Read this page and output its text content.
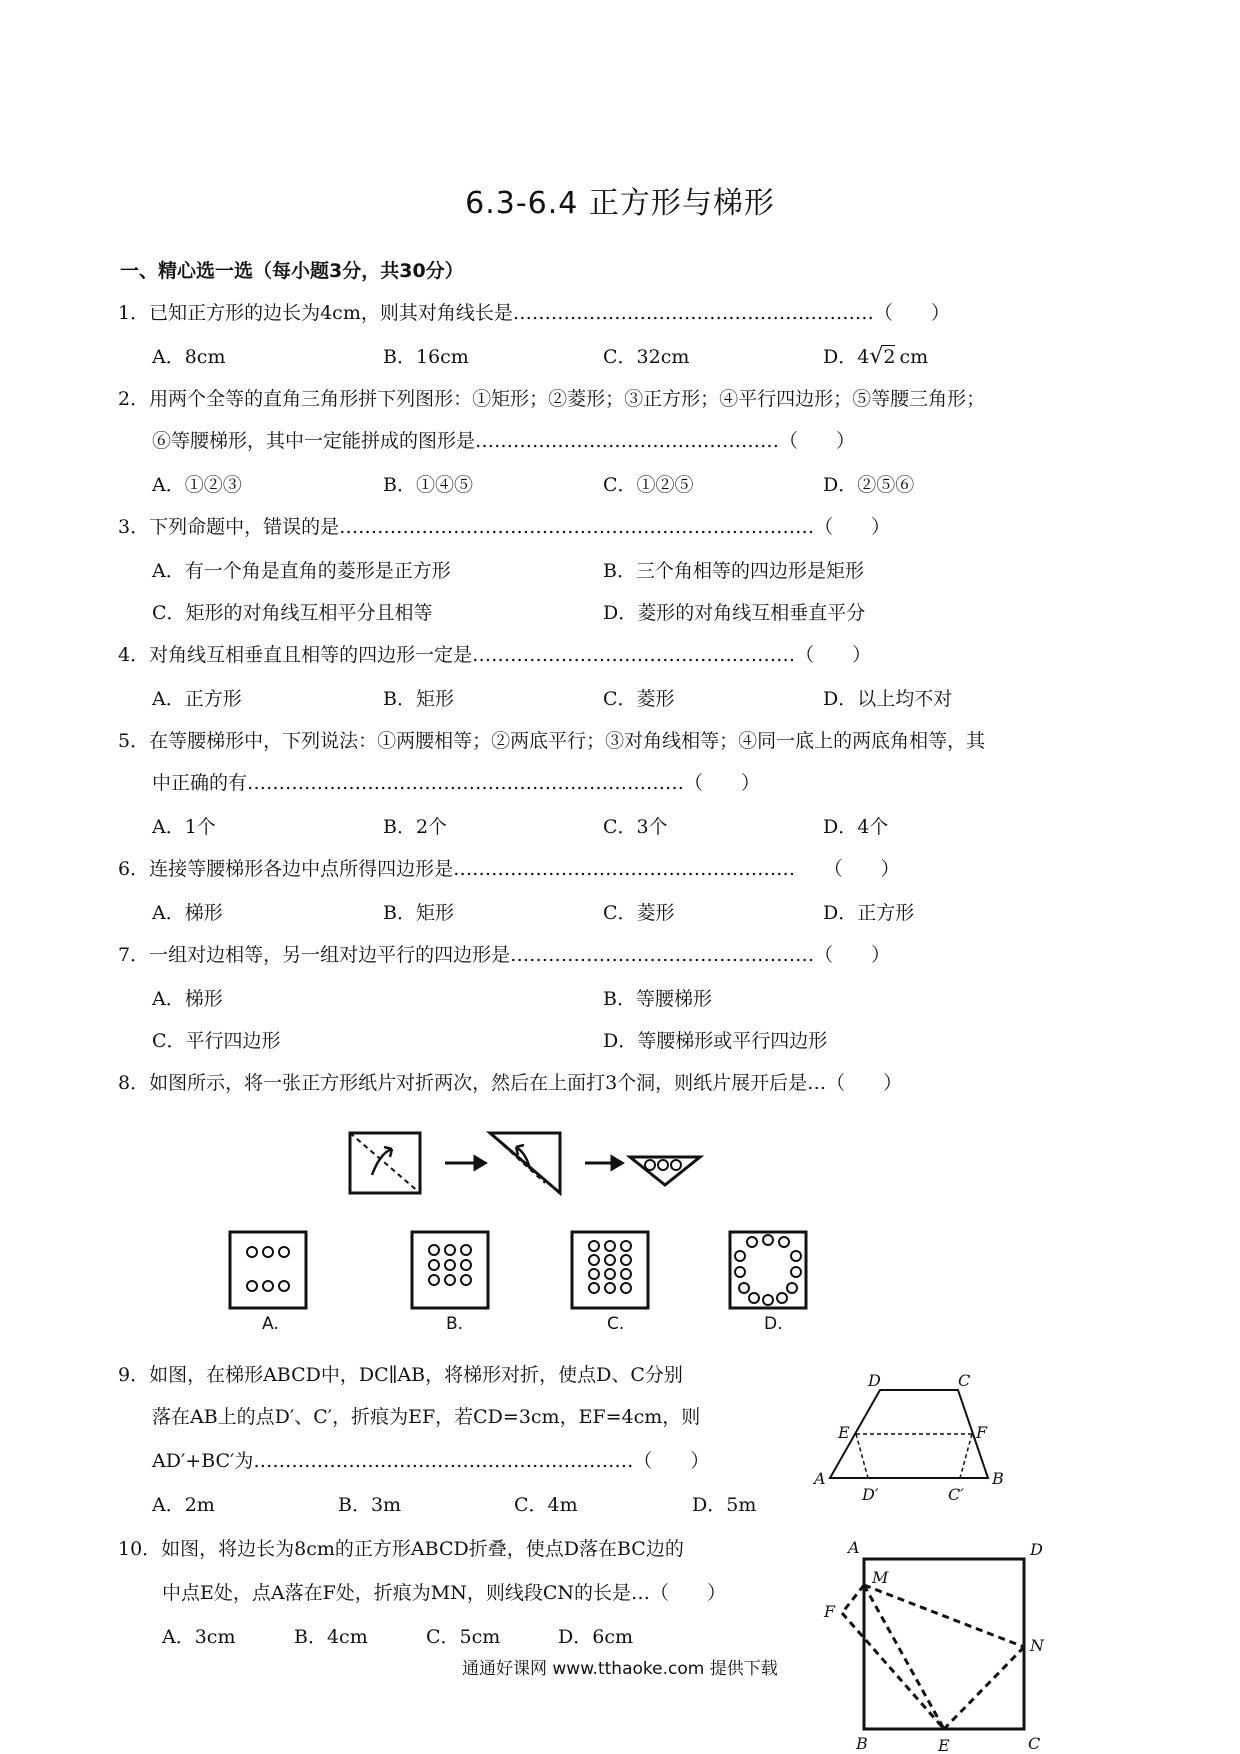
6.3-6.4 正方形与梯形
一、精心选一选（每小题3分，共30分）
1．已知正方形的边长为4cm，则其对角线长是…………………………………………………（　　）
A．8cm	B．16cm	C．32cm	D．4√2 cm
2．用两个全等的直角三角形拼下列图形：①矩形；②菱形；③正方形；④平行四边形；⑤等腰三角形；
⑥等腰梯形，其中一定能拼成的图形是…………………………………………（　　）
A．①②③	B．①④⑤	C．①②⑤	D．②⑤⑥
3．下列命题中，错误的是…………………………………………………………………（　　）
A．有一个角是直角的菱形是正方形	B．三个角相等的四边形是矩形
C．矩形的对角线互相平分且相等	D．菱形的对角线互相垂直平分
4．对角线互相垂直且相等的四边形一定是……………………………………………（　　）
A．正方形	B．矩形	C．菱形	D．以上均不对
5．在等腰梯形中，下列说法：①两腰相等；②两底平行；③对角线相等；④同一底上的两底角相等，其
中正确的有……………………………………………………………（　　）
A．1个	B．2个	C．3个	D．4个
6．连接等腰梯形各边中点所得四边形是………………………………………………　　（　　）
A．梯形	B．矩形	C．菱形	D．正方形
7．一组对边相等，另一组对边平行的四边形是…………………………………………（　　）
A．梯形	B．等腰梯形
C．平行四边形	D．等腰梯形或平行四边形
8．如图所示，将一张正方形纸片对折两次，然后在上面打3个洞，则纸片展开后是…（　　）
A.	B.	C.	D.
9．如图，在梯形ABCD中，DC∥AB，将梯形对折，使点D、C分别
落在AB上的点D′、C′，折痕为EF，若CD=3cm，EF=4cm，则
AD′+BC′为……………………………………………………（　　）
A．2m	B．3m	C．4m	D．5m
D	C
E	F
A	B
D′	C′
10．如图，将边长为8cm的正方形ABCD折叠，使点D落在BC边的
中点E处，点A落在F处，折痕为MN，则线段CN的长是…（　　）
A．3cm	B．4cm	C．5cm	D．6cm
A	D
M
F
N
B	C
E
通通好课网 www.tthaoke.com 提供下载
